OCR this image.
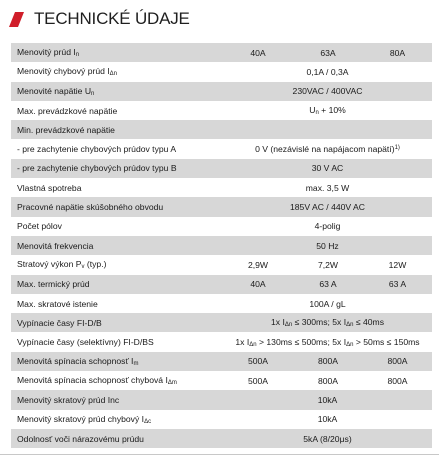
TECHNICKÉ ÚDAJE
Menovitý prúd $I_n$	40A	63A	80A
Menovitý chybový prúd $I_{\Delta n}$	0,1A / 0,3A		
Menovité napätie $U_n$	230VAC / 400VAC		
Max. prevádzkové napätie	$U_n + 10\%$		
Min. prevádzkové napätie			
- pre zachytenie chybových prúdov typu A	0 V (nezávislé na napájacom napätí)$^{1)}$
- pre zachytenie chybových prúdov typu B	30 V AC		
Vlastná spotreba	max. 3,5 W		
Pracovné napätie skúšobného obvodu	185V AC / 440V AC		
Počet pólov	4-polig		
Menovitá frekvencia	50 Hz		
Stratový výkon $P_v$ (typ.)	2,9W	7,2W	12W
Max. termický prúd	40A	63 A	63 A
Max. skratové istenie	100A / gL		
Vypínacie časy FI-D/B	1x $I_{\Delta n} \le 300ms$; 5x $I_{\Delta n} \le 40ms$		
Vypínacie časy (selektívny) FI-D/BS	1x $I_{\Delta n} > 130ms \le 500ms$; 5x $I_{\Delta n} > 50ms \le 150ms$		
Menovitá spínacia schopnosť $I_m$	500A	800A	800A
Menovitá spínacia schopnosť chybová $I_{\Delta m}$	500A	800A	800A
Menovitý skratový prúd Inc	10kA		
Menovitý skratový prúd chybový $I_{\Delta c}$	10kA		
Odolnosť voči nárazovému prúdu	5kA (8/20μs)		
